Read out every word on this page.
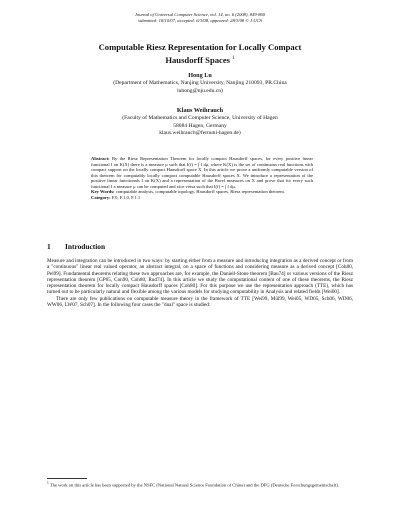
Journal of Universal Computer Science, vol. 14, no. 6 (2008), 849-860
submitted: 18/10/07, accepted: 6/3/08, appeared: 28/3/08 © J.UCS
Computable Riesz Representation for Locally Compact
Hausdorff Spaces $^1$
Hong Lu
(Department of Mathematics, Nanjing University, Nanjing 210093, PR.China
luhong@nju.edu.cn)
Klaus Weihrauch
(Faculty of Mathematics and Computer Science, University of Hagen
58084 Hagen, Germany
klaus.weihrauch@fernuni-hagen.de)

Abstract: By the Riesz Representation Theorem for locally compact Hausdorff spaces, for every positive linear functional I on K(X) there is a measure μ such that I(f) = ∫ f dμ, where K(X) is the set of continuous real functions with compact support on the locally compact Hausdorff space X. In this article we prove a uniformly computable version of this theorem for computably locally compact computable Hausdorff spaces X. We introduce a representation of the positive linear functionals I on K(X) and a representation of the Borel measures on X and prove that for every such functional I a measure μ can be computed and vice versa such that I(f) = ∫ f dμ.

Key Words: computable analysis, computable topology, Hausdorff spaces, Riesz representation theorem.

Category: F.0, F.1.0, F.1.1

1 Introduction

Measure and integration can be introduced in two ways: by starting either from a measure and introducing integration as a derived concept or from a "continuous" linear real valued operator, an abstract integral, on a space of functions and considering measure as a derived concept [Coh80, Pel99]. Fundamental theorems relating these two approaches are, for example, the Daniell-Stone theorem [Bau74] or various versions of the Riesz representation theorem [GP65, Con90, Coh80, Rud74]. In this article we study the computational content of one of these theorems, the Riesz representation theorem for locally compact Hausdorff spaces [Coh80]. For this purpose we use the representation approach (TTE), which has turned out to be particularly natural and flexible among the various models for studying computability in Analysis and related fields [Wei00].

There are only few publications on computable measure theory in the framework of TTE [Wei99, Mül99, Wei05, WD05, Sch06, WD06, WW06, LW07, Sch07]. In the following four cases the "dual" space is studied:

$^1$ The work on this article has been supported by the NSFC (National Natural Science Foundation of China) and the DFG (Deutsche Forschungsgemeinschaft).
